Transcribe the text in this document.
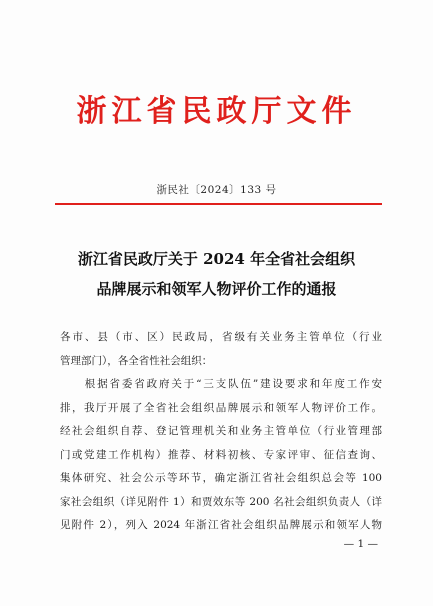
浙江省民政厅文件
浙民社〔2024〕133 号
浙江省民政厅关于 2024 年全省社会组织
品牌展示和领军人物评价工作的通报
各市、县（市、区）民政局，省级有关业务主管单位（行业
管理部门），各全省性社会组织：
　　根据省委省政府关于“三支队伍”建设要求和年度工作安
排，我厅开展了全省社会组织品牌展示和领军人物评价工作。
经社会组织自荐、登记管理机关和业务主管单位（行业管理部
门或党建工作机构）推荐、材料初核、专家评审、征信查询、
集体研究、社会公示等环节，确定浙江省社会组织总会等 100
家社会组织（详见附件 1）和贾效东等 200 名社会组织负责人（详
见附件 2），列入 2024 年浙江省社会组织品牌展示和领军人物
— 1 —
